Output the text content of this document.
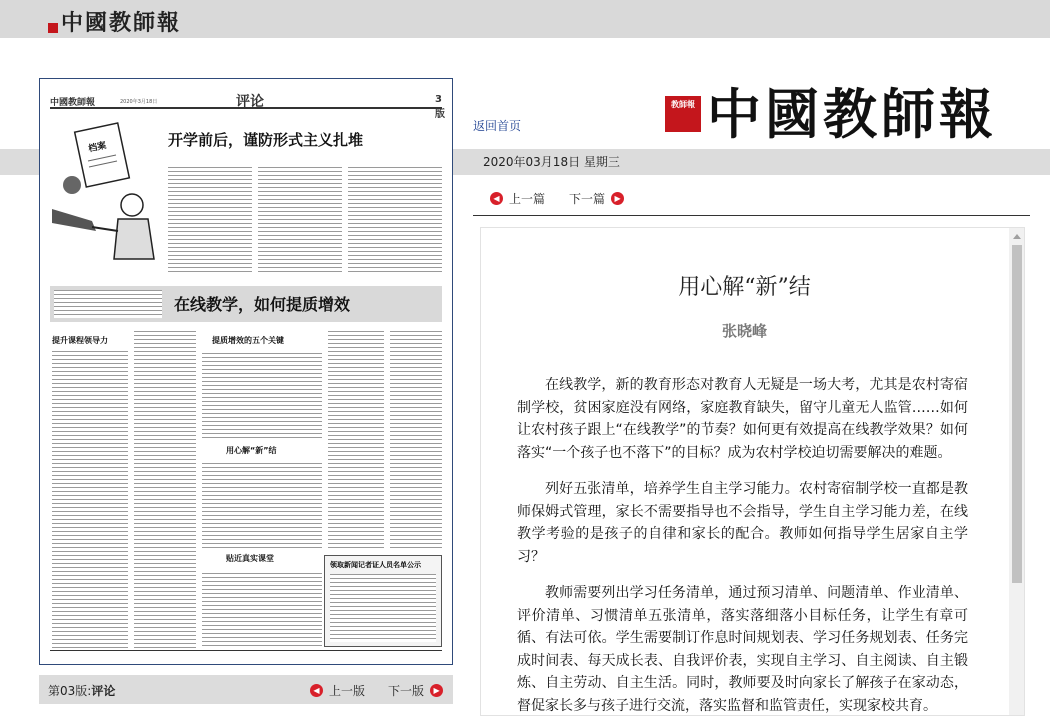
中國教師報
中國教師報	2020年3月18日	评论	3版
档案	开学前后，谨防形式主义扎堆
在线教学，如何提质增效
提升课程领导力	提质增效的五个关键
用心解“新”结
贴近真实课堂
领取新闻记者证人员名单公示
第03版:评论	◀ 上一版 下一版	▶
教師報 中國教師報
返回首页
2020年03月18日 星期三
◀ 上一篇 下一篇	▶
用心解“新”结
张晓峰

在线教学，新的教育形态对教育人无疑是一场大考，尤其是农村寄宿制学校，贫困家庭没有网络，家庭教育缺失，留守儿童无人监管……如何让农村孩子跟上“在线教学”的节奏？如何更有效提高在线教学效果？如何落实“一个孩子也不落下”的目标？成为农村学校迫切需要解决的难题。

列好五张清单，培养学生自主学习能力。农村寄宿制学校一直都是教师保姆式管理，家长不需要指导也不会指导，学生自主学习能力差，在线教学考验的是孩子的自律和家长的配合。教师如何指导学生居家自主学习？

教师需要列出学习任务清单，通过预习清单、问题清单、作业清单、评价清单、习惯清单五张清单，落实落细落小目标任务，让学生有章可循、有法可依。学生需要制订作息时间规划表、学习任务规划表、任务完成时间表、每天成长表、自我评价表，实现自主学习、自主阅读、自主锻炼、自主劳动、自主生活。同时，教师要及时向家长了解孩子在家动态，督促家长多与孩子进行交流，落实监督和监管责任，实现家校共育。
